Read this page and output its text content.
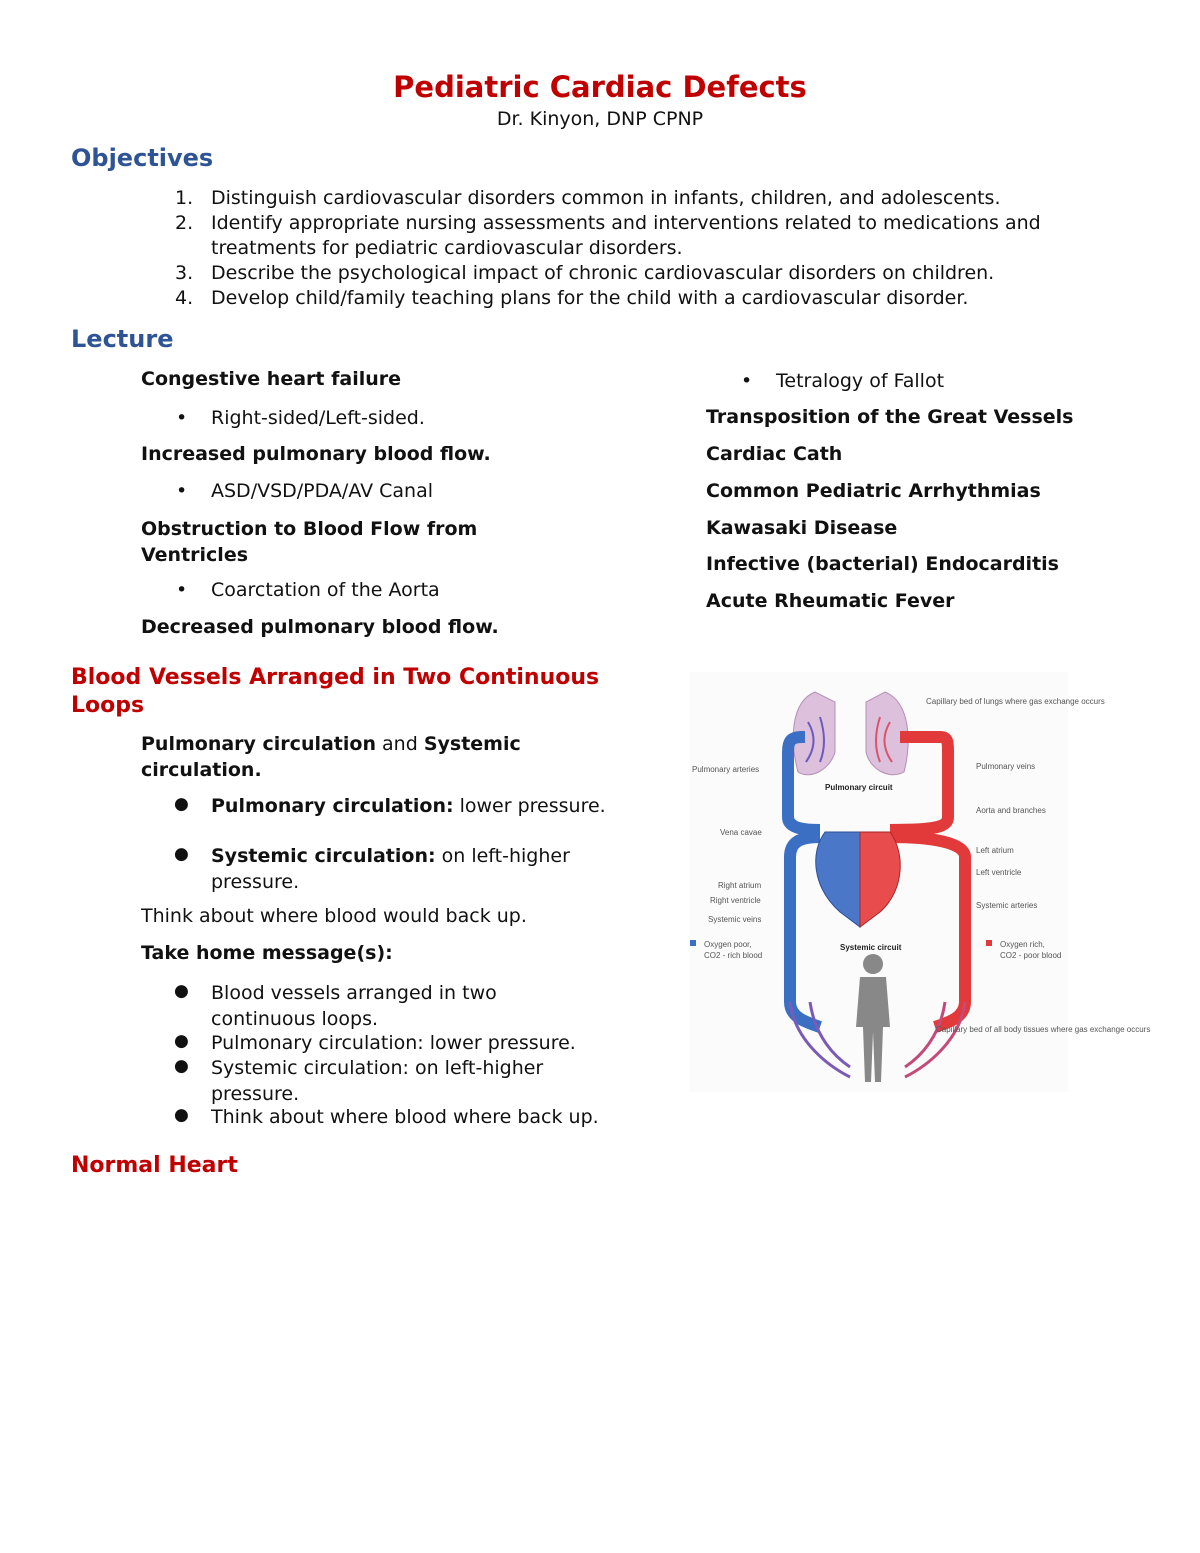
Pediatric Cardiac Defects
Dr. Kinyon, DNP CPNP
Objectives
1. Distinguish cardiovascular disorders common in infants, children, and adolescents.
2. Identify appropriate nursing assessments and interventions related to medications and treatments for pediatric cardiovascular disorders.
3. Describe the psychological impact of chronic cardiovascular disorders on children.
4. Develop child/family teaching plans for the child with a cardiovascular disorder.
Lecture
Congestive heart failure
• Right-sided/Left-sided.
Increased pulmonary blood flow.
• ASD/VSD/PDA/AV Canal
Obstruction to Blood Flow from Ventricles
• Coarctation of the Aorta
Decreased pulmonary blood flow.
• Tetralogy of Fallot
Transposition of the Great Vessels
Cardiac Cath
Common Pediatric Arrhythmias
Kawasaki Disease
Infective (bacterial) Endocarditis
Acute Rheumatic Fever
Blood Vessels Arranged in Two Continuous Loops
Pulmonary circulation and Systemic circulation.
● Pulmonary circulation: lower pressure.
● Systemic circulation: on left-higher pressure.
Think about where blood would back up.
Take home message(s):
● Blood vessels arranged in two continuous loops.
● Pulmonary circulation: lower pressure.
● Systemic circulation: on left-higher pressure.
● Think about where blood where back up.
Normal Heart
Capillary bed of lungs where gas exchange occurs
Pulmonary arteries	Pulmonary veins
Pulmonary circuit
Aorta and branches
Vena cavae
Left atrium
Left ventricle
Right atrium
Right ventricle
Systemic veins
Systemic arteries
Systemic circuit
Oxygen poor,
CO2 - rich blood
Oxygen rich,
CO2 - poor blood
Capillary bed of all body tissues where gas exchange occurs
